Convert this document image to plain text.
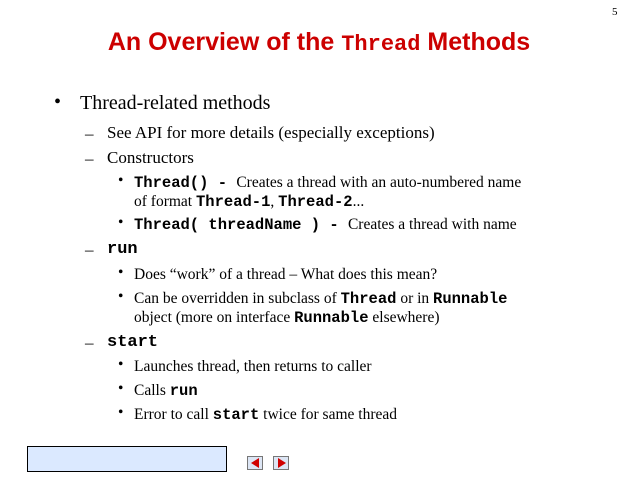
5
An Overview of the Thread Methods
• Thread-related methods
– See API for more details (especially exceptions)
– Constructors
• Thread() - Creates a thread with an auto-numbered name
of format Thread-1, Thread-2...
• Thread( threadName ) - Creates a thread with name
– run
• Does “work” of a thread – What does this mean?
• Can be overridden in subclass of Thread or in Runnable
object (more on interface Runnable elsewhere)
– start
• Launches thread, then returns to caller
• Calls run
• Error to call start twice for same thread
